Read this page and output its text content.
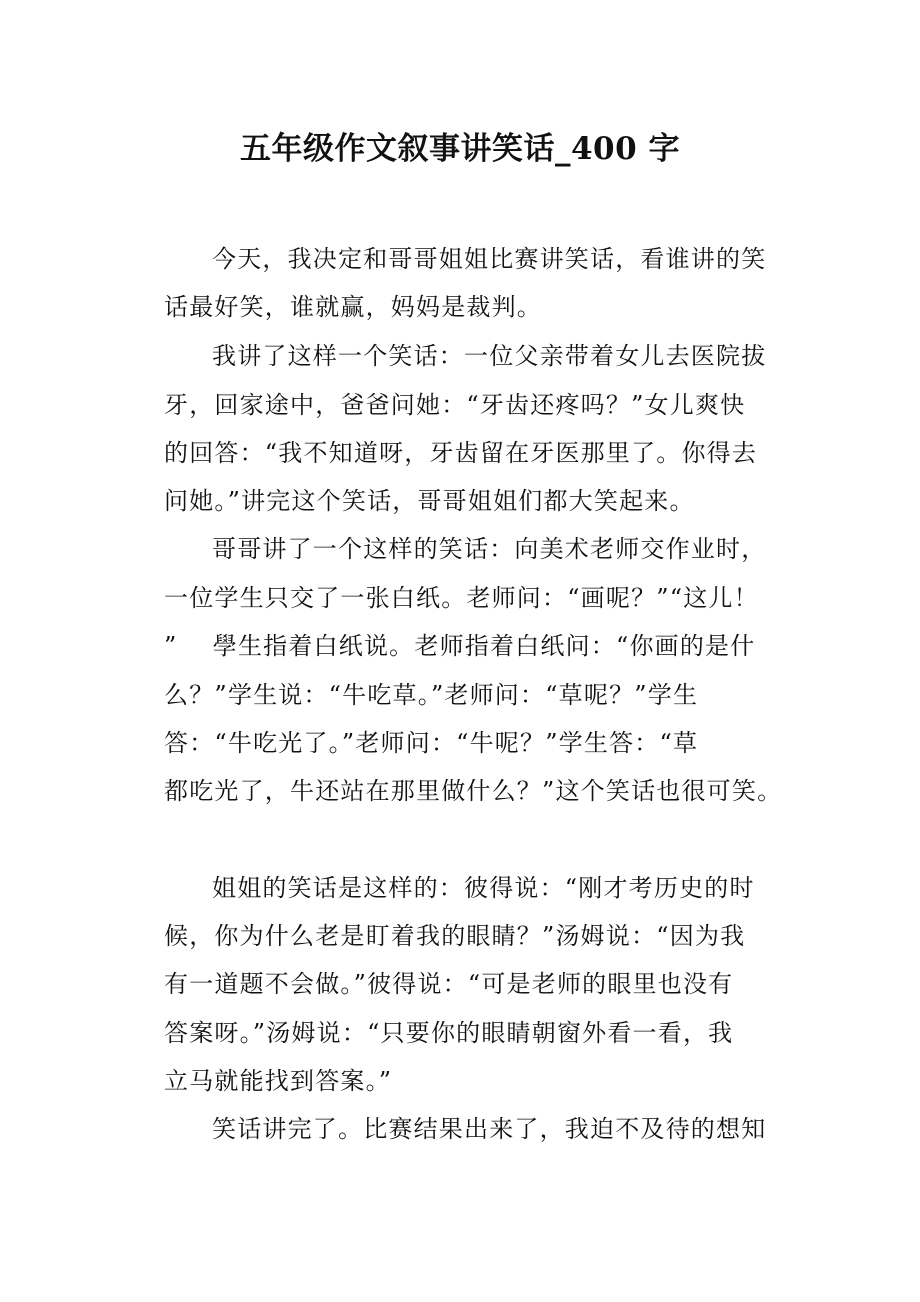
五年级作文叙事讲笑话_400 字
今天，我决定和哥哥姐姐比赛讲笑话，看谁讲的笑
话最好笑，谁就赢，妈妈是裁判。
我讲了这样一个笑话：一位父亲带着女儿去医院拔
牙，回家途中，爸爸问她：“牙齿还疼吗？”女儿爽快
的回答：“我不知道呀，牙齿留在牙医那里了。你得去
问她。”讲完这个笑话，哥哥姐姐们都大笑起来。
哥哥讲了一个这样的笑话：向美术老师交作业时，
一位学生只交了一张白纸。老师问：“画呢？”“这儿！
”    學生指着白纸说。老师指着白纸问：“你画的是什
么？”学生说：“牛吃草。”老师问：“草呢？”学生
答：“牛吃光了。”老师问：“牛呢？”学生答：“草
都吃光了，牛还站在那里做什么？”这个笑话也很可笑。
姐姐的笑话是这样的：彼得说：“刚才考历史的时
候，你为什么老是盯着我的眼睛？”汤姆说：“因为我
有一道题不会做。”彼得说：“可是老师的眼里也没有
答案呀。”汤姆说：“只要你的眼睛朝窗外看一看，我
立马就能找到答案。”
笑话讲完了。比赛结果出来了，我迫不及待的想知
